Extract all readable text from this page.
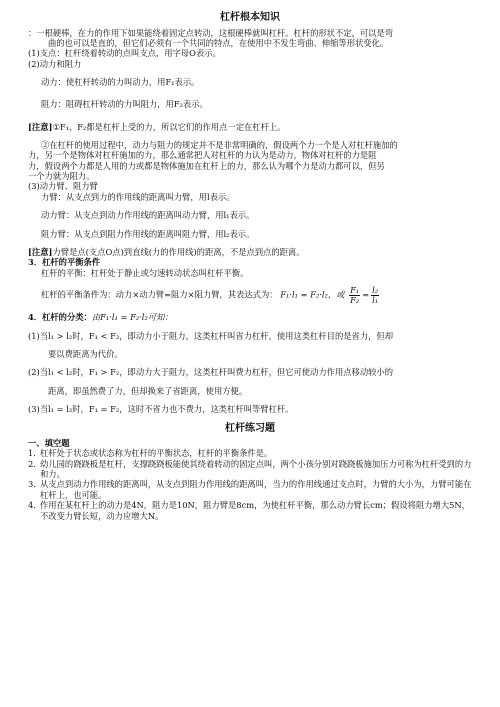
杠杆根本知识

：一根硬棒，在力的作用下如果能绕着固定点转动，这根硬棒就叫杠杆。杠杆的形状不定，可以是弯

曲的也可以是直的，但它们必须有一个共同的特点，在使用中不发生弯曲、伸缩等形状变化。

(1)支点：杠杆绕着转动的点叫支点，用字母O表示。

(2)动力和阻力

动力：使杠杆转动的力叫动力，用F₁表示。

阻力：阻碍杠杆转动的力叫阻力，用F₂表示。

[注意]①F₁、F₂都是杠杆上受的力，所以它们的作用点一定在杠杆上。

②在杠杆的使用过程中，动力与阻力的规定并不是非常明确的，假设两个力一个是人对杠杆施加的

力，另一个是物体对杠杆施加的力，那么通常把人对杠杆的力认为是动力，物体对杠杆的力是阻

力，假设两个力都是人用的力或都是物体施加在杠杆上的力，那么认为哪个力是动力都可以，但另

一个力就为阻力。

(3)动力臂、阻力臂

力臂：从支点到力的作用线的距离叫力臂，用l表示。

动力臂：从支点到动力作用线的距离叫动力臂，用l₁表示。

阻力臂：从支点到阻力作用线的距离叫阻力臂，用l₂表示。

[注意]力臂是点(支点O点)到直线(力的作用线)的距离，不是点到点的距离。

3．杠杆的平衡条件

杠杆的平衡：杠杆处于静止或匀速转动状态叫杠杆平衡。

杠杆的平衡条件为：动力×动力臂=阻力×阻力臂，其表达式为： F₁·l₁ = F₂·l₂，或 $\frac{\text{F₁}}{\text{F₂}} = \frac{\text{l₂}}{\text{l₁}}$

4．杠杆的分类：由F₁·l₁ = F₂·l₂可知：

(1)当l₁ > l₂时，F₁ < F₂，即动力小于阻力，这类杠杆叫省力杠杆，使用这类杠杆目的是省力，但却

要以费距离为代价。

(2)当l₁ < l₂时，F₁ > F₂，即动力大于阻力，这类杠杆叫费力杠杆，但它可使动力作用点移动较小的

距离，即虽然费了力，但却换来了省距离，使用方便。

(3)当l₁ = l₂时，F₁ = F₂，这时不省力也不费力，这类杠杆叫等臂杠杆。

杠杆练习题

一、填空题

1. 杠杆处于状态或状态称为杠杆的平衡状态，杠杆的平衡条件是。
2. 幼儿园的跷跷板是杠杆，支撑跷跷板能使其绕着转动的固定点叫，两个小孩分别对跷跷板施加压力可称为杠杆受到的力和力。
3. 从支点到动力作用线的距离叫，从支点到阻力作用线的距离叫，当力的作用线通过支点时，力臂的大小为，力臂可能在杠杆上，也可能。
4. 作用在某杠杆上的动力是4N，阻力是10N，阻力臂是8cm，为使杠杆平衡，那么动力臂长cm；假设将阻力增大5N，不改变力臂长短，动力应增大N。
